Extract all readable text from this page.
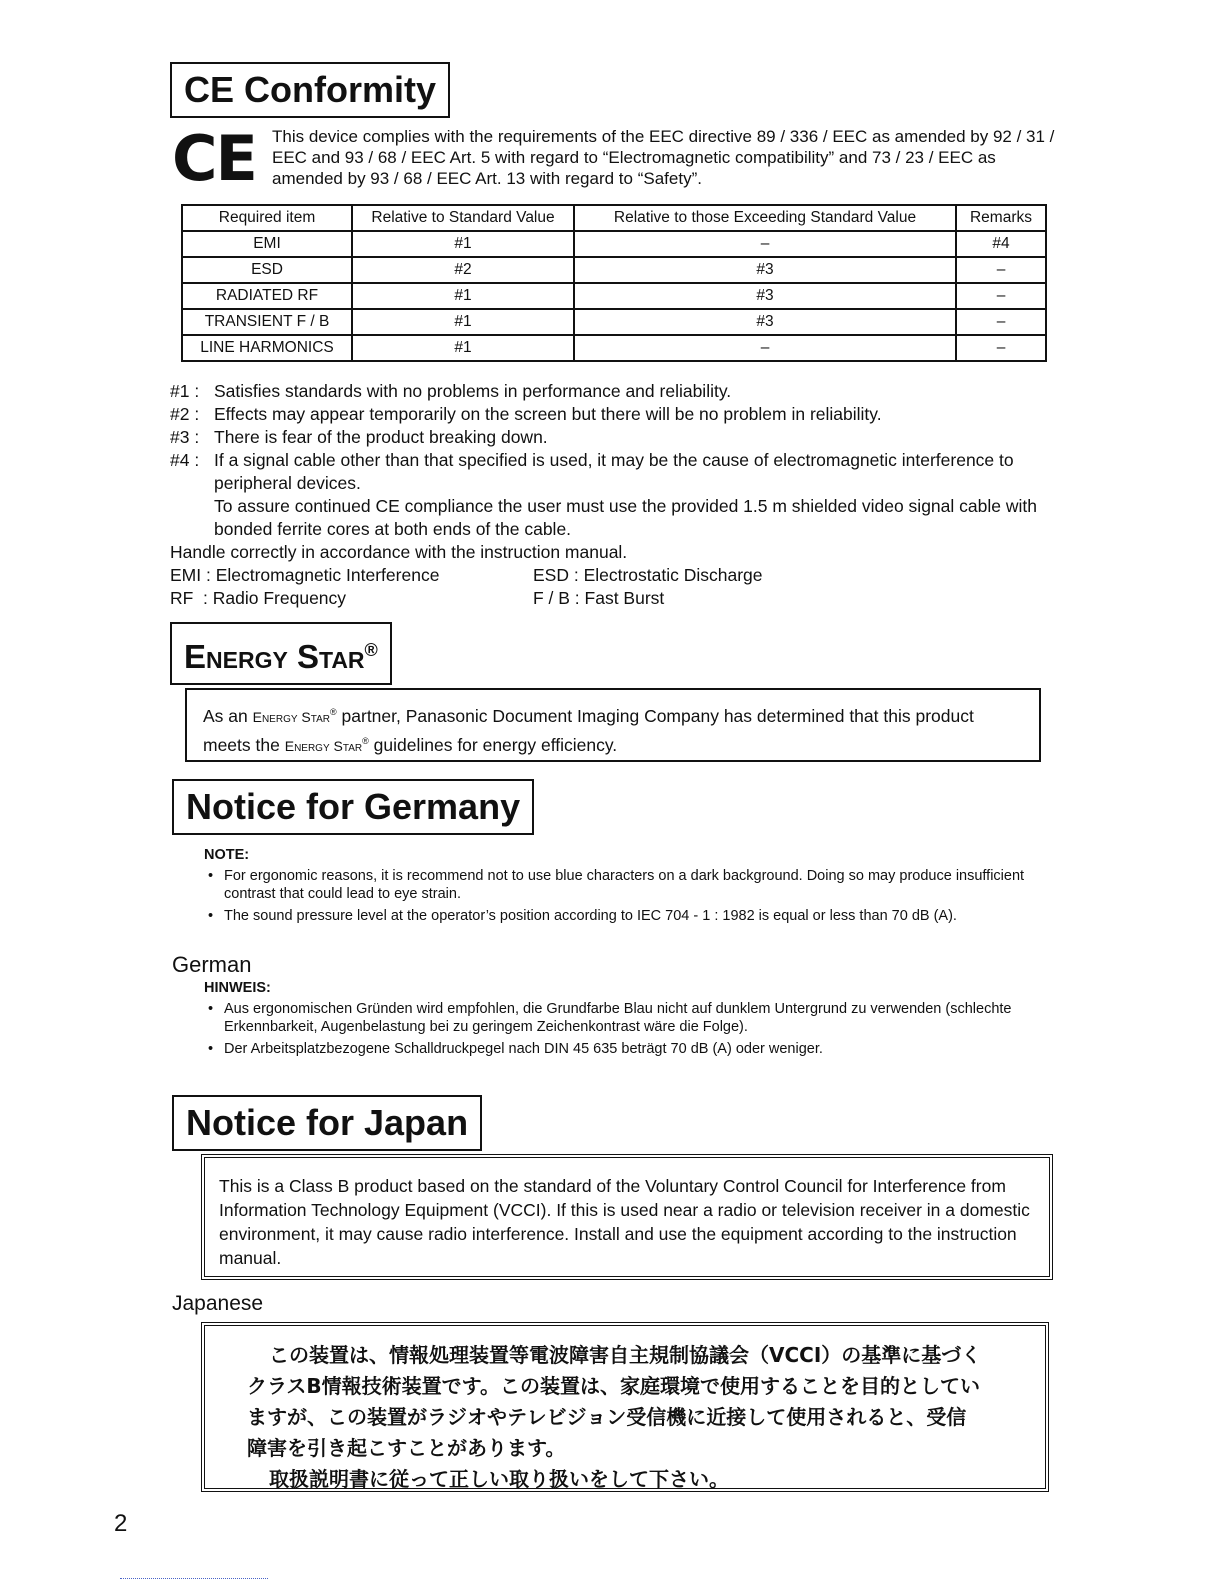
CE Conformity
CE This device complies with the requirements of the EEC directive 89 / 336 / EEC as amended by 92 / 31 / EEC and 93 / 68 / EEC Art. 5 with regard to “Electromagnetic compatibility” and 73 / 23 / EEC as amended by 93 / 68 / EEC Art. 13 with regard to “Safety”.
Required item	Relative to Standard Value	Relative to those Exceeding Standard Value	Remarks
EMI	#1	–	#4
ESD	#2	#3	–
RADIATED RF	#1	#3	–
TRANSIENT F / B	#1	#3	–
LINE HARMONICS	#1	–	–
#1 : Satisfies standards with no problems in performance and reliability.
#2 : Effects may appear temporarily on the screen but there will be no problem in reliability.
#3 : There is fear of the product breaking down.
#4 : If a signal cable other than that specified is used, it may be the cause of electromagnetic interference to peripheral devices.
To assure continued CE compliance the user must use the provided 1.5 m shielded video signal cable with bonded ferrite cores at both ends of the cable.
Handle correctly in accordance with the instruction manual.
EMI : Electromagnetic Interference	ESD : Electrostatic Discharge
RF  : Radio Frequency	F / B : Fast Burst
Energy Star®
As an Energy Star® partner, Panasonic Document Imaging Company has determined that this product meets the Energy Star® guidelines for energy efficiency.
Notice for Germany
NOTE:
• For ergonomic reasons, it is recommend not to use blue characters on a dark background. Doing so may produce insufficient contrast that could lead to eye strain.
• The sound pressure level at the operator’s position according to IEC 704 - 1 : 1982 is equal or less than 70 dB (A).
German
HINWEIS:
• Aus ergonomischen Gründen wird empfohlen, die Grundfarbe Blau nicht auf dunklem Untergrund zu verwenden (schlechte Erkennbarkeit, Augenbelastung bei zu geringem Zeichenkontrast wäre die Folge).
• Der Arbeitsplatzbezogene Schalldruckpegel nach DIN 45 635 beträgt 70 dB (A) oder weniger.
Notice for Japan
This is a Class B product based on the standard of the Voluntary Control Council for Interference from Information Technology Equipment (VCCI). If this is used near a radio or television receiver in a domestic environment, it may cause radio interference. Install and use the equipment according to the instruction manual.
Japanese
この装置は、情報処理装置等電波障害自主規制協議会（VCCI）の基準に基づく
クラスB情報技術装置です。この装置は、家庭環境で使用することを目的としてい
ますが、この装置がラジオやテレビジョン受信機に近接して使用されると、受信
障害を引き起こすことがあります。
取扱説明書に従って正しい取り扱いをして下さい。
2
